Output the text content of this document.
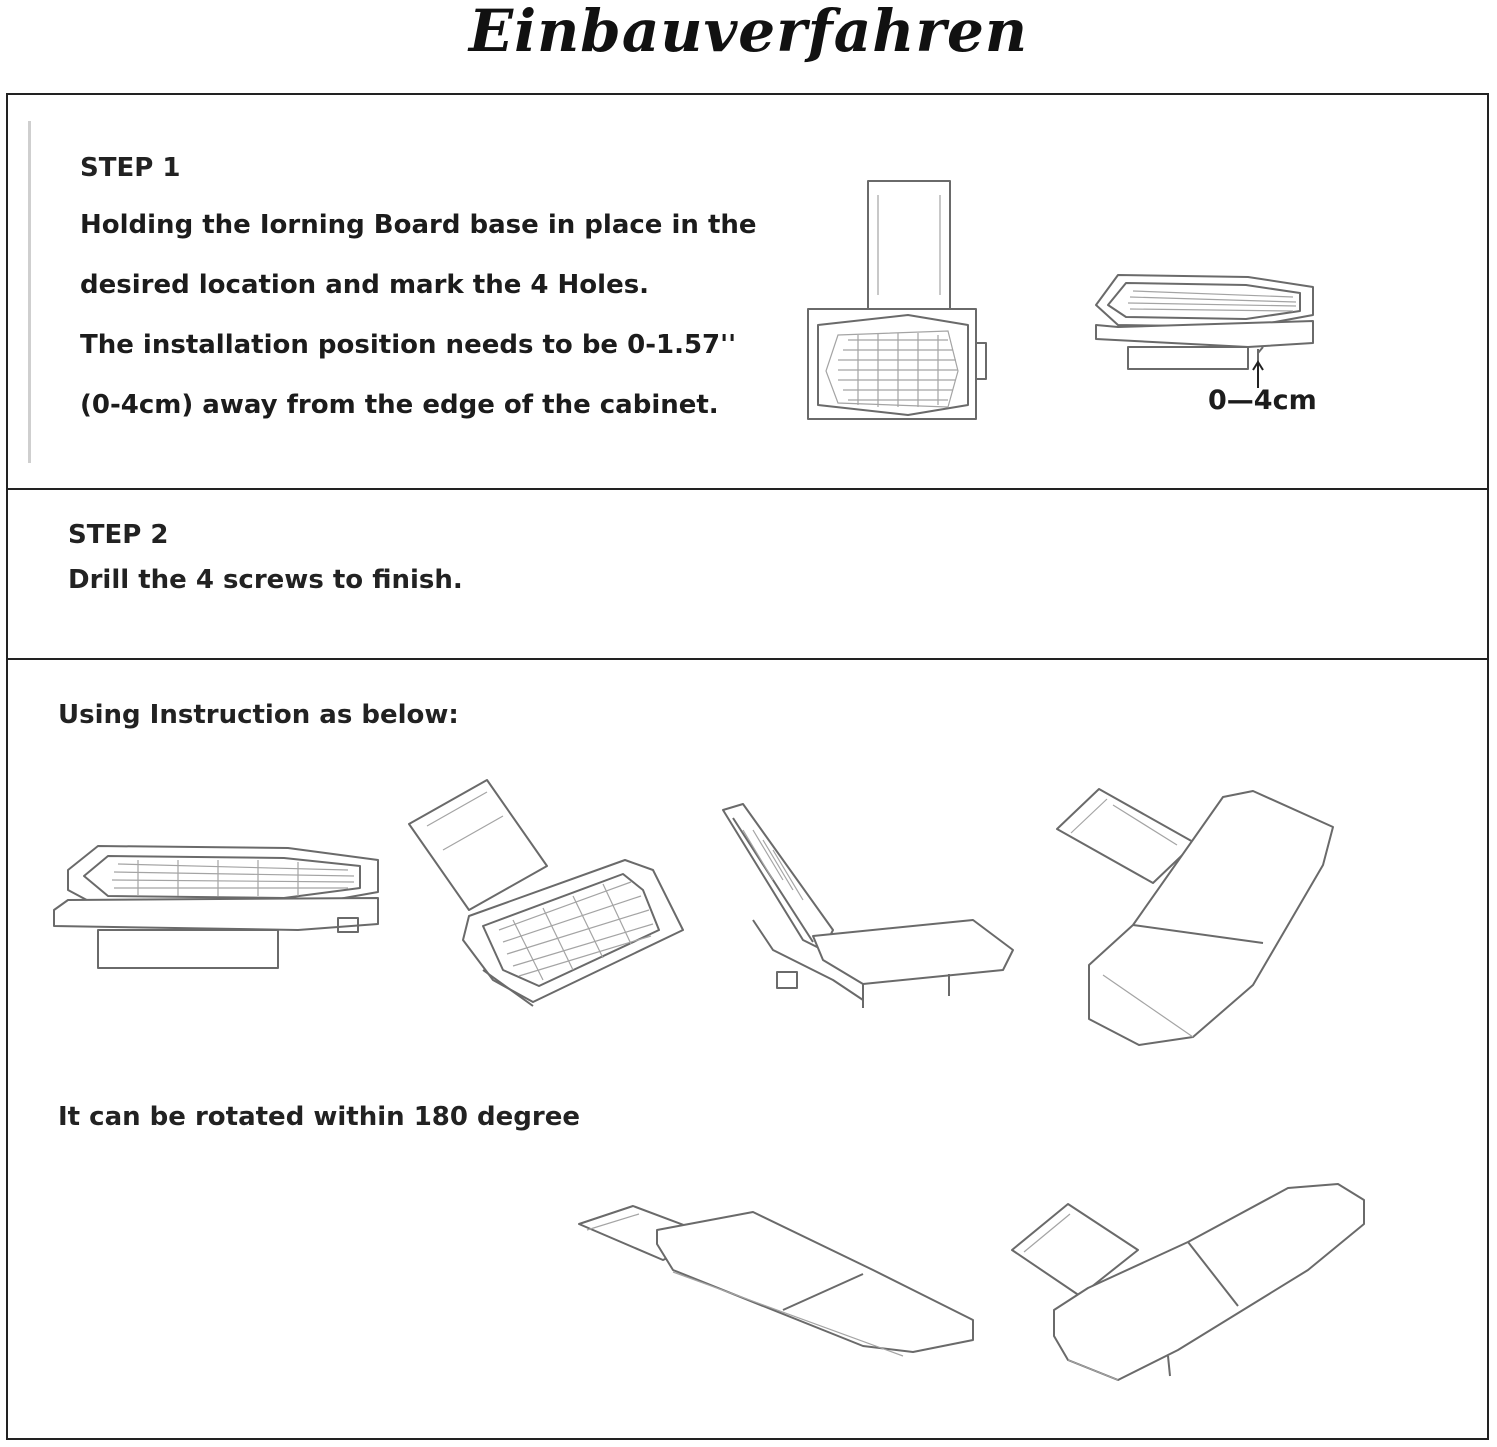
Einbauverfahren
STEP 1
Holding the Iorning Board base in place in the
desired location and mark the 4 Holes.
The installation position needs to be 0-1.57''
(0-4cm) away from the edge of the cabinet.	0—4cm
STEP 2
Drill the 4 screws to finish.
Using Instruction as below:
It can be rotated within 180 degree
